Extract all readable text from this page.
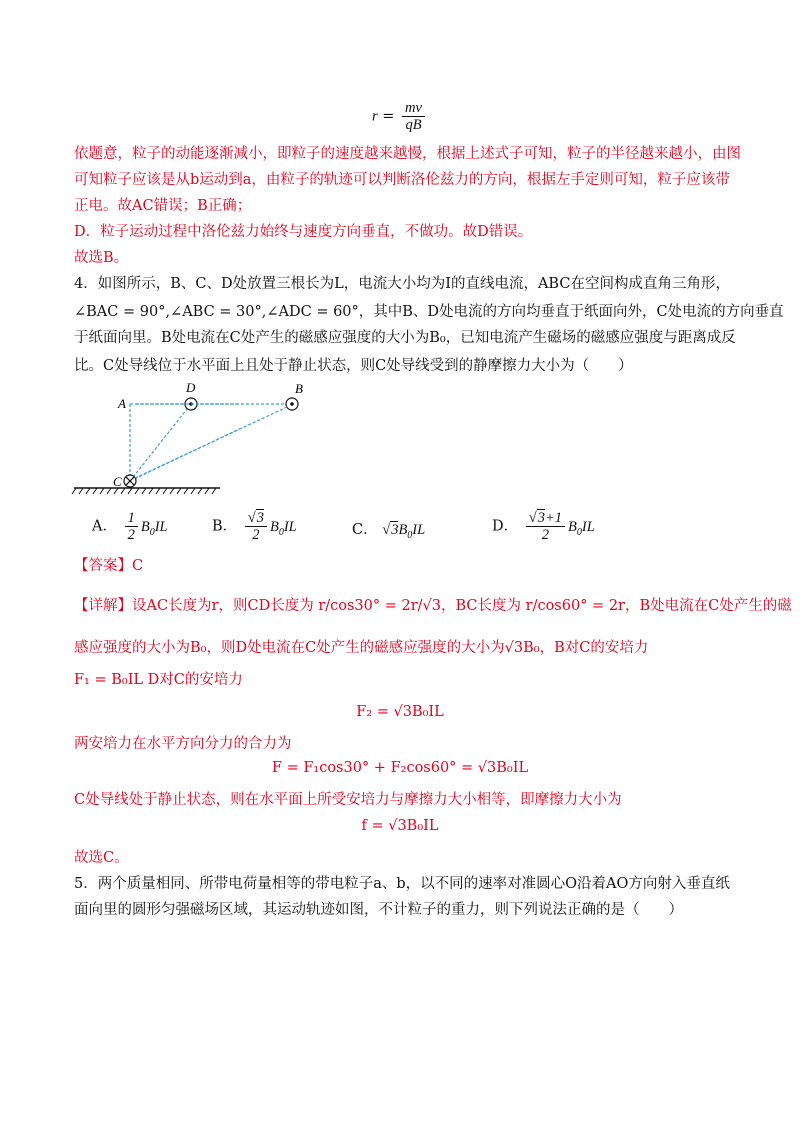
$r = \frac{mv}{qB}$
依题意，粒子的动能逐渐减小，即粒子的速度越来越慢，根据上述式子可知，粒子的半径越来越小，由图
可知粒子应该是从b运动到a，由粒子的轨迹可以判断洛伦兹力的方向，根据左手定则可知，粒子应该带
正电。故AC错误；B正确；
D．粒子运动过程中洛伦兹力始终与速度方向垂直，不做功。故D错误。
故选B。
4．如图所示，B、C、D处放置三根长为L，电流大小均为I的直线电流，ABC在空间构成直角三角形，
∠BAC = 90°,∠ABC = 30°,∠ADC = 60°，其中B、D处电流的方向均垂直于纸面向外，C处电流的方向垂直
于纸面向里。B处电流在C处产生的磁感应强度的大小为B₀，已知电流产生磁场的磁感应强度与距离成反
比。C处导线位于水平面上且处于静止状态，则C处导线受到的静摩擦力大小为（　　）
A
D
C
B
A． $\frac{1}{2} B_0IL$	B． $\frac{√3}{2} B_0IL$	C． $√3B_0IL$	D． $\frac{√3+1}{2} B_0IL$
【答案】C
【详解】设AC长度为r，则CD长度为 r/cos30° = 2r/√3，BC长度为 r/cos60° = 2r，B处电流在C处产生的磁
感应强度的大小为B₀，则D处电流在C处产生的磁感应强度的大小为√3B₀，B对C的安培力
F₁ = B₀IL D对C的安培力
F₂ = √3B₀IL
两安培力在水平方向分力的合力为
F = F₁cos30° + F₂cos60° = √3B₀IL
C处导线处于静止状态，则在水平面上所受安培力与摩擦力大小相等，即摩擦力大小为
f = √3B₀IL
故选C。
5．两个质量相同、所带电荷量相等的带电粒子a、b，以不同的速率对准圆心O沿着AO方向射入垂直纸
面向里的圆形匀强磁场区域，其运动轨迹如图，不计粒子的重力，则下列说法正确的是（　　）
